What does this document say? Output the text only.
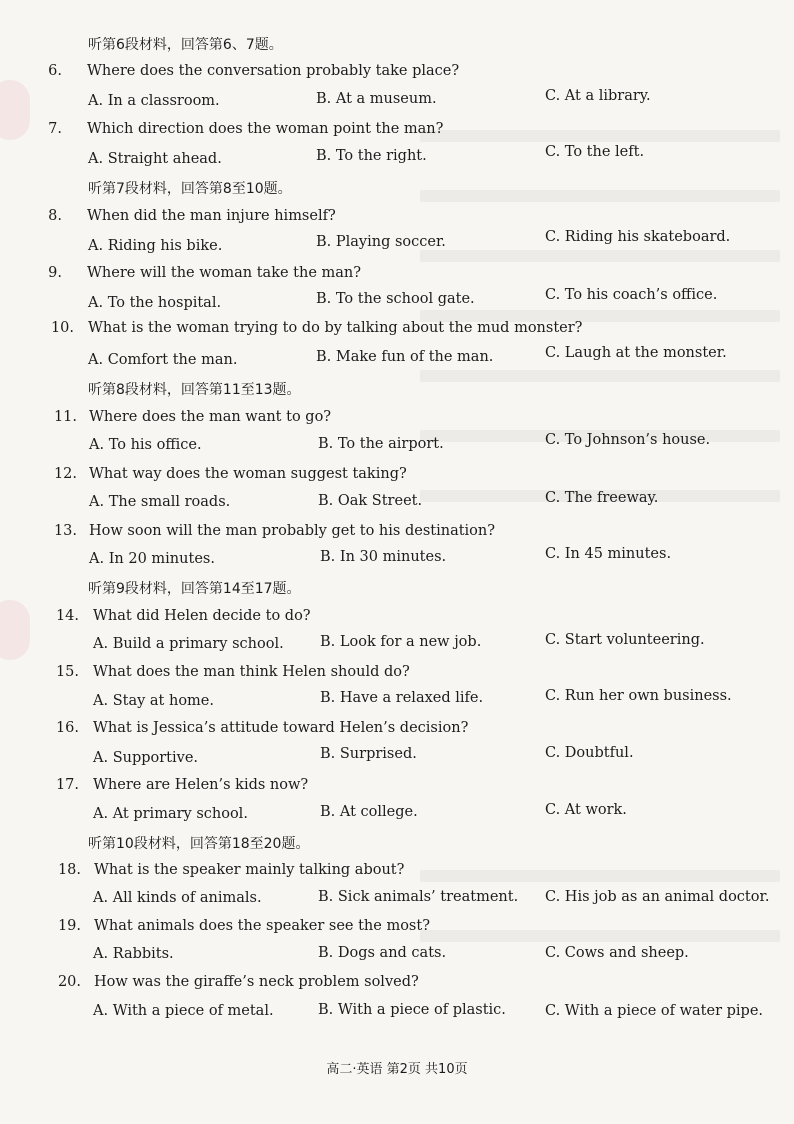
听第6段材料，回答第6、7题。
听第7段材料，回答第8至10题。
听第8段材料，回答第11至13题。
听第9段材料，回答第14至17题。
听第10段材料，回答第18至20题。
6. Where does the conversation probably take place?
A. In a classroom.	B. At a museum.	C. At a library.
7. Which direction does the woman point the man?
A. Straight ahead.	B. To the right.	C. To the left.
8. When did the man injure himself?
A. Riding his bike.	B. Playing soccer.	C. Riding his skateboard.
9. Where will the woman take the man?
A. To the hospital.	B. To the school gate.	C. To his coach’s office.
10. What is the woman trying to do by talking about the mud monster?
A. Comfort the man.	B. Make fun of the man.	C. Laugh at the monster.
11. Where does the man want to go?
A. To his office.	B. To the airport.	C. To Johnson’s house.
12. What way does the woman suggest taking?
A. The small roads.	B. Oak Street.	C. The freeway.
13. How soon will the man probably get to his destination?
A. In 20 minutes.	B. In 30 minutes.	C. In 45 minutes.
14. What did Helen decide to do?
A. Build a primary school.	B. Look for a new job.	C. Start volunteering.
15. What does the man think Helen should do?
A. Stay at home.	B. Have a relaxed life.	C. Run her own business.
16. What is Jessica’s attitude toward Helen’s decision?
A. Supportive.	B. Surprised.	C. Doubtful.
17. Where are Helen’s kids now?
A. At primary school.	B. At college.	C. At work.
18. What is the speaker mainly talking about?
A. All kinds of animals.	B. Sick animals’ treatment. C. His job as an animal doctor.
19. What animals does the speaker see the most?
A. Rabbits.	B. Dogs and cats.	C. Cows and sheep.
20. How was the giraffe’s neck problem solved?
A. With a piece of metal.	B. With a piece of plastic.	C. With a piece of water pipe.
高二·英语 第2页 共10页
